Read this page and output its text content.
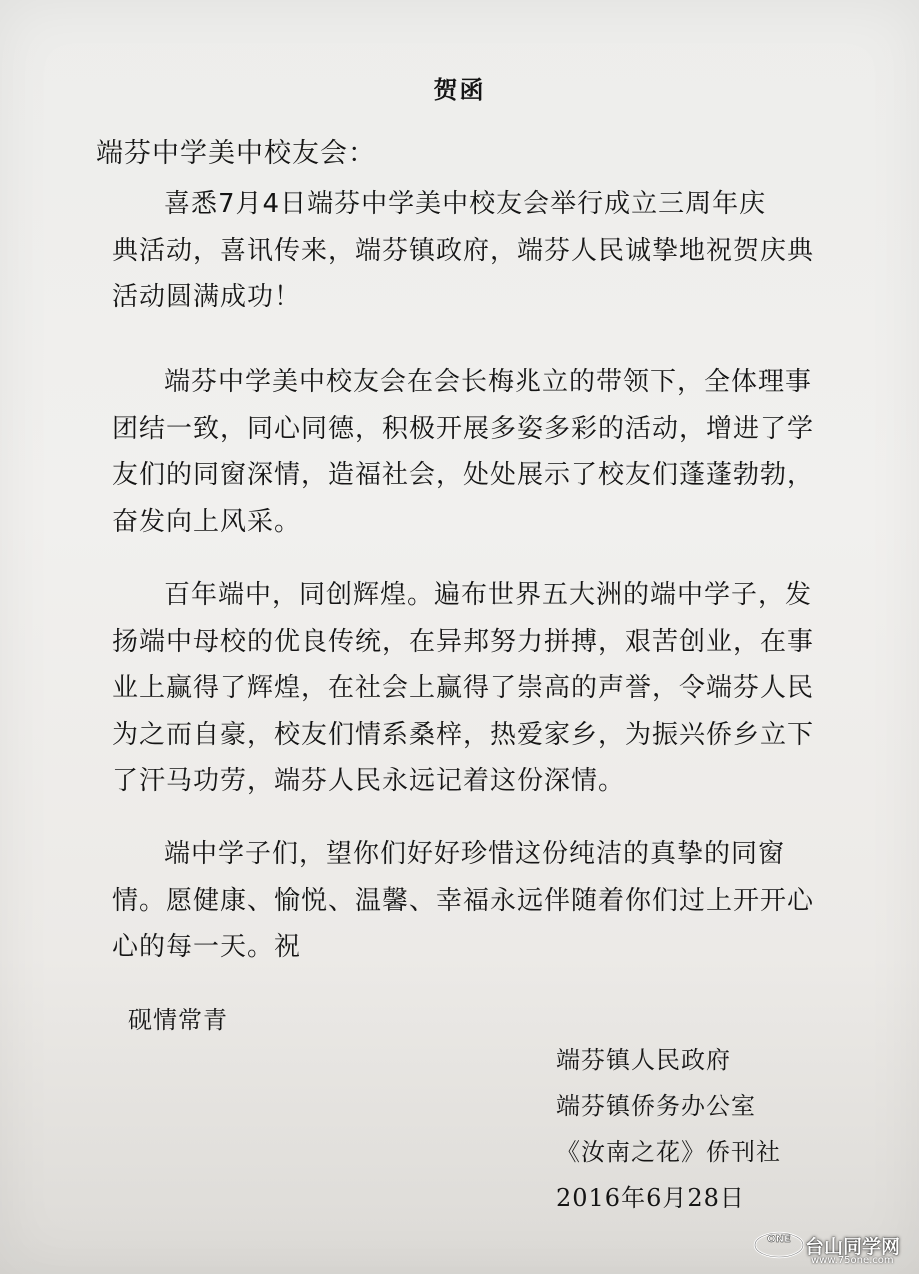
贺函
端芬中学美中校友会：
喜悉7月4日端芬中学美中校友会举行成立三周年庆
典活动，喜讯传来，端芬镇政府，端芬人民诚挚地祝贺庆典
活动圆满成功！
端芬中学美中校友会在会长梅兆立的带领下，全体理事
团结一致，同心同德，积极开展多姿多彩的活动，增进了学
友们的同窗深情，造福社会，处处展示了校友们蓬蓬勃勃，
奋发向上风采。
百年端中，同创辉煌。遍布世界五大洲的端中学子，发
扬端中母校的优良传统，在异邦努力拼搏，艰苦创业，在事
业上赢得了辉煌，在社会上赢得了崇高的声誉，令端芬人民
为之而自豪，校友们情系桑梓，热爱家乡，为振兴侨乡立下
了汗马功劳，端芬人民永远记着这份深情。
端中学子们，望你们好好珍惜这份纯洁的真挚的同窗
情。愿健康、愉悦、温馨、幸福永远伴随着你们过上开开心
心的每一天。祝
砚情常青
端芬镇人民政府
端芬镇侨务办公室
《汝南之花》侨刊社
2016年6月28日
ONE 台山同学网
www.75one.com
